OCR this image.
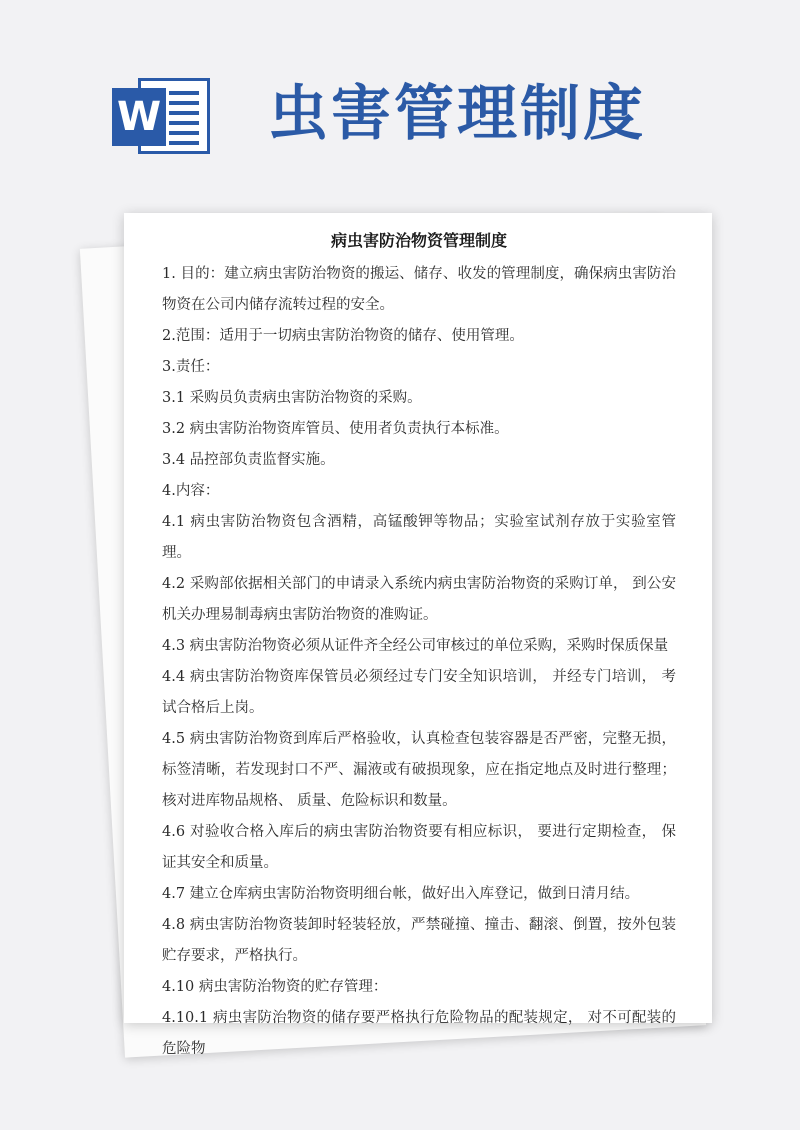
W 虫害管理制度
病虫害防治物资管理制度

1. 目的：建立病虫害防治物资的搬运、储存、收发的管理制度，确保病虫害防治物资在公司内储存流转过程的安全。

2.范围：适用于一切病虫害防治物资的储存、使用管理。

3.责任：

3.1 采购员负责病虫害防治物资的采购。

3.2 病虫害防治物资库管员、使用者负责执行本标准。

3.4 品控部负责监督实施。

4.内容：

4.1 病虫害防治物资包含酒精，高锰酸钾等物品；实验室试剂存放于实验室管理。

4.2 采购部依据相关部门的申请录入系统内病虫害防治物资的采购订单， 到公安机关办理易制毒病虫害防治物资的准购证。

4.3 病虫害防治物资必须从证件齐全经公司审核过的单位采购，采购时保质保量

4.4 病虫害防治物资库保管员必须经过专门安全知识培训， 并经专门培训， 考试合格后上岗。

4.5 病虫害防治物资到库后严格验收，认真检查包装容器是否严密，完整无损，标签清晰，若发现封口不严、漏液或有破损现象，应在指定地点及时进行整理；核对进库物品规格、 质量、危险标识和数量。

4.6 对验收合格入库后的病虫害防治物资要有相应标识， 要进行定期检查， 保证其安全和质量。

4.7 建立仓库病虫害防治物资明细台帐，做好出入库登记，做到日清月结。

4.8 病虫害防治物资装卸时轻装轻放，严禁碰撞、撞击、翻滚、倒置，按外包装贮存要求，严格执行。

4.10 病虫害防治物资的贮存管理：

4.10.1 病虫害防治物资的储存要严格执行危险物品的配装规定， 对不可配装的危险物
